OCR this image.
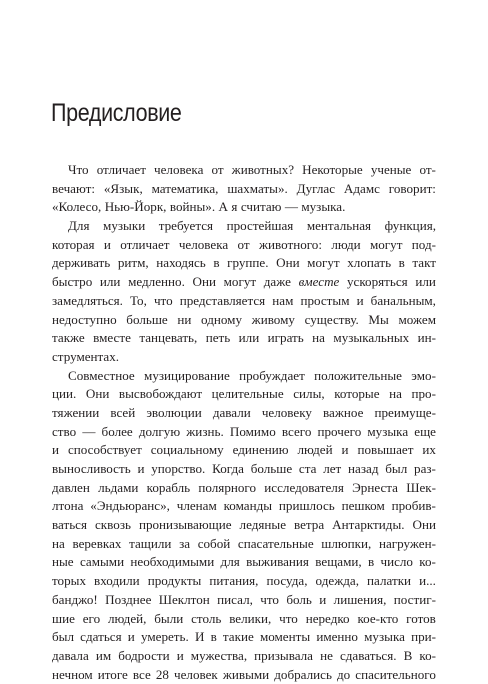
Предисловие
Что отличает человека от животных? Некоторые ученые от-
вечают: «Язык, математика, шахматы». Дуглас Адамс говорит:
«Колесо, Нью-Йорк, войны». А я считаю — музыка.
Для музыки требуется простейшая ментальная функция,
которая и отличает человека от животного: люди могут под-
держивать ритм, находясь в группе. Они могут хлопать в такт
быстро или медленно. Они могут даже вместе ускоряться или
замедляться. То, что представляется нам простым и банальным,
недоступно больше ни одному живому существу. Мы можем
также вместе танцевать, петь или играть на музыкальных ин-
струментах.
Совместное музицирование пробуждает положительные эмо-
ции. Они высвобождают целительные силы, которые на про-
тяжении всей эволюции давали человеку важное преимуще-
ство — более долгую жизнь. Помимо всего прочего музыка еще
и способствует социальному единению людей и повышает их
выносливость и упорство. Когда больше ста лет назад был раз-
давлен льдами корабль полярного исследователя Эрнеста Шек-
лтона «Эндьюранс», членам команды пришлось пешком пробив-
ваться сквозь пронизывающие ледяные ветра Антарктиды. Они
на веревках тащили за собой спасательные шлюпки, нагружен-
ные самыми необходимыми для выживания вещами, в число ко-
торых входили продукты питания, посуда, одежда, палатки и...
банджо! Позднее Шеклтон писал, что боль и лишения, постиг-
шие его людей, были столь велики, что нередко кое-кто готов
был сдаться и умереть. И в такие моменты именно музыка при-
давала им бодрости и мужества, призывала не сдаваться. В ко-
нечном итоге все 28 человек живыми добрались до спасительного
